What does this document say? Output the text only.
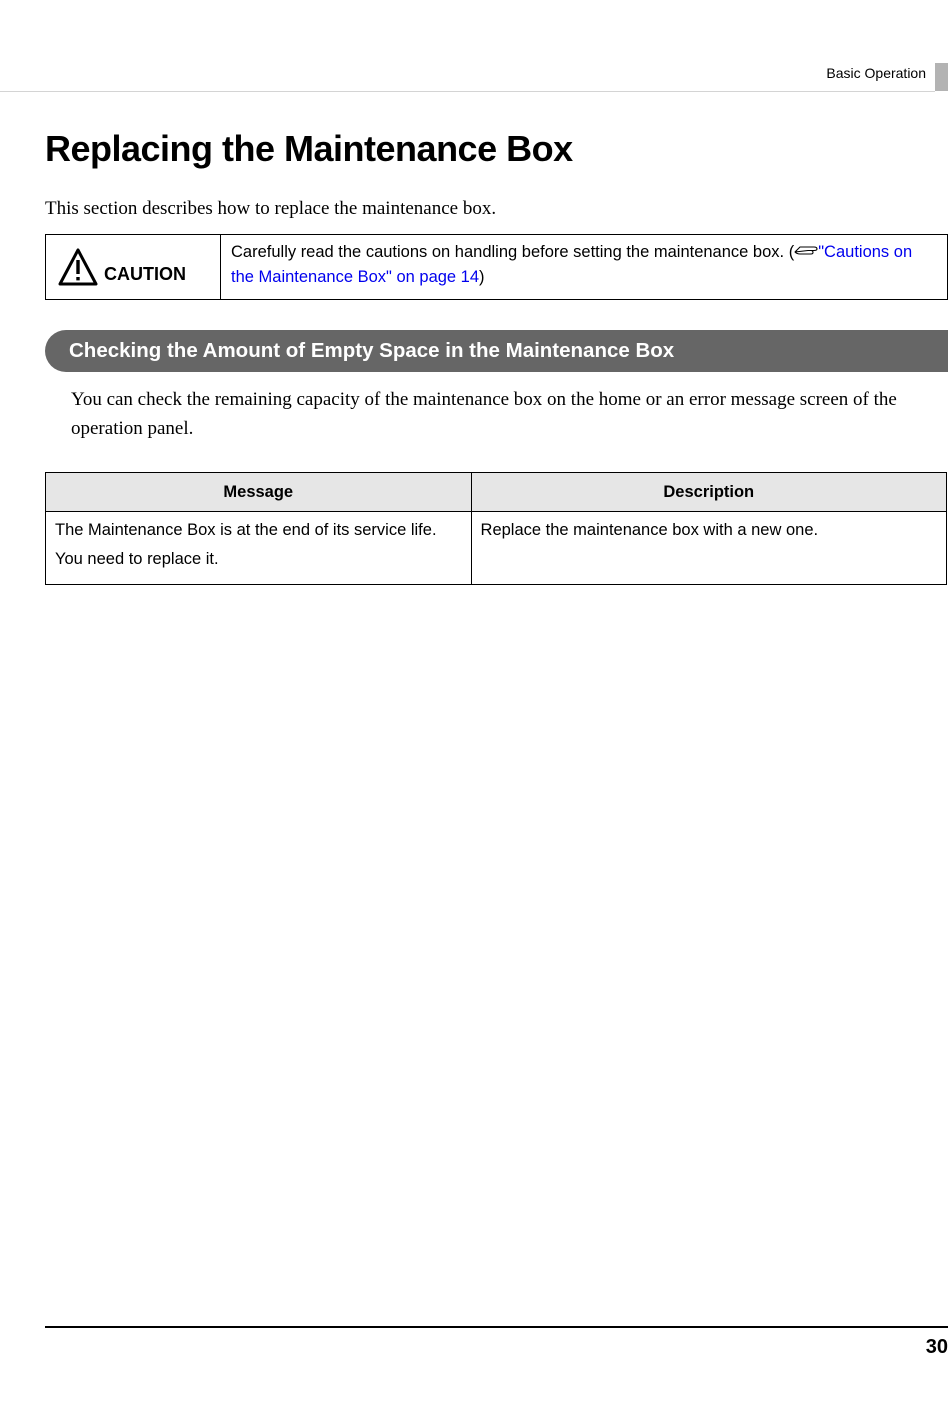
Basic Operation
Replacing the Maintenance Box

This section describes how to replace the maintenance box.

CAUTION
Carefully read the cautions on handling before setting the maintenance box. ( "Cautions on the Maintenance Box" on page 14)
Checking the Amount of Empty Space in the Maintenance Box

You can check the remaining capacity of the maintenance box on the home or an error message screen of the operation panel.

Message	Description

The Maintenance Box is at the end of its service life.
You need to replace it.	Replace the maintenance box with a new one.
30
